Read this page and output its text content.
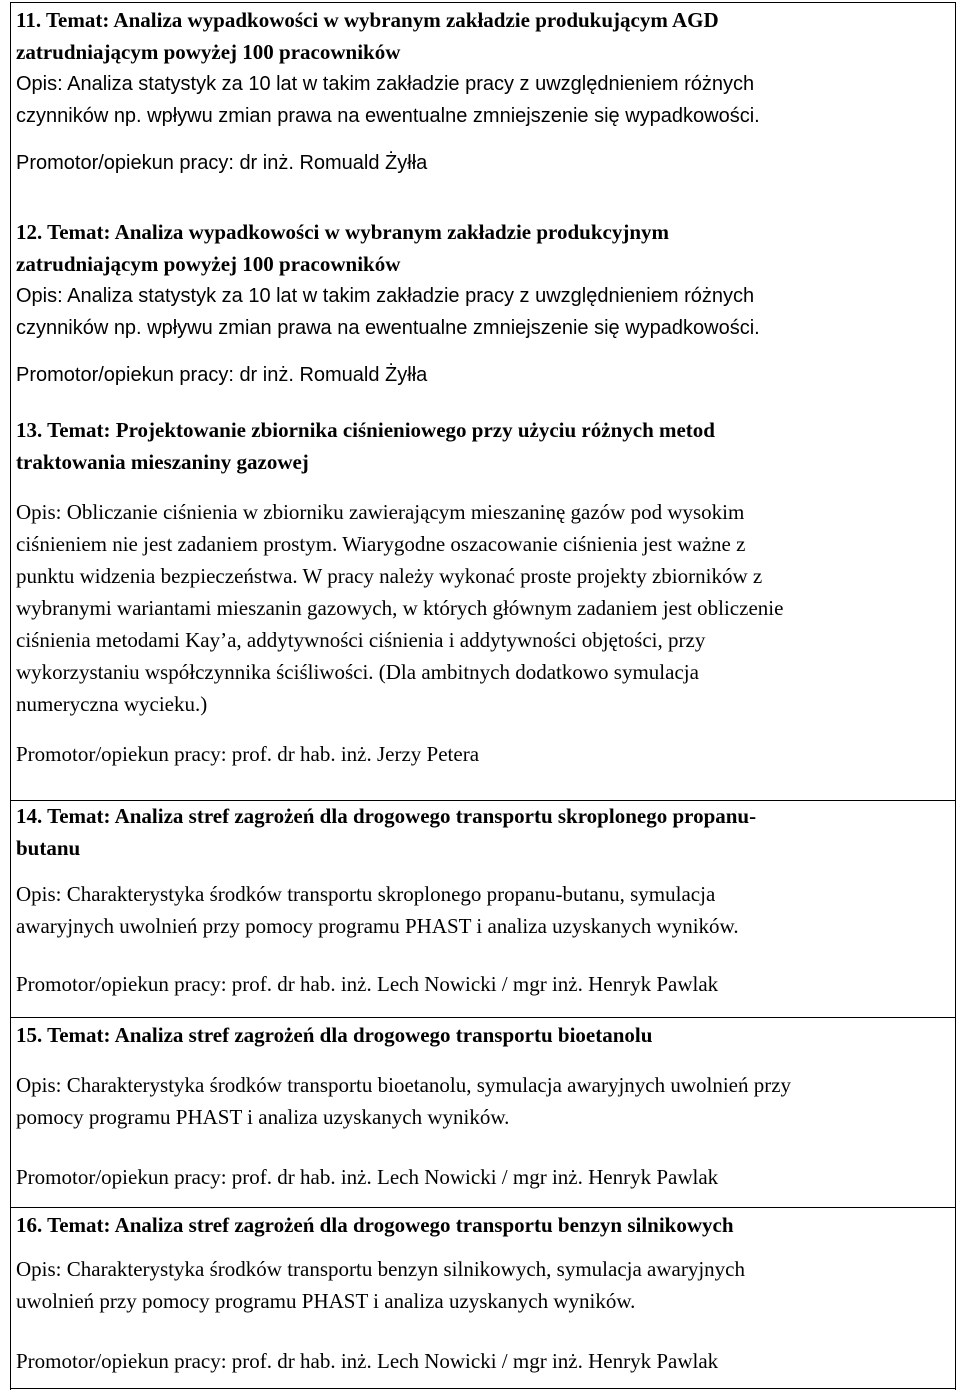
11. Temat: Analiza wypadkowości w wybranym zakładzie produkującym AGD
zatrudniającym powyżej 100 pracowników
Opis: Analiza statystyk za 10 lat w takim zakładzie pracy z uwzględnieniem różnych
czynników np. wpływu zmian prawa na ewentualne zmniejszenie się wypadkowości.
Promotor/opiekun pracy: dr inż. Romuald Żyłła
12. Temat: Analiza wypadkowości w wybranym zakładzie produkcyjnym
zatrudniającym powyżej 100 pracowników
Opis: Analiza statystyk za 10 lat w takim zakładzie pracy z uwzględnieniem różnych
czynników np. wpływu zmian prawa na ewentualne zmniejszenie się wypadkowości.
Promotor/opiekun pracy: dr inż. Romuald Żyłła
13. Temat: Projektowanie zbiornika ciśnieniowego przy użyciu różnych metod
traktowania mieszaniny gazowej
Opis: Obliczanie ciśnienia w zbiorniku zawierającym mieszaninę gazów pod wysokim
ciśnieniem nie jest zadaniem prostym. Wiarygodne oszacowanie ciśnienia jest ważne z
punktu widzenia bezpieczeństwa. W pracy należy wykonać proste projekty zbiorników z
wybranymi wariantami mieszanin gazowych, w których głównym zadaniem jest obliczenie
ciśnienia metodami Kay’a, addytywności ciśnienia i addytywności objętości, przy
wykorzystaniu współczynnika ściśliwości. (Dla ambitnych dodatkowo symulacja
numeryczna wycieku.)
Promotor/opiekun pracy: prof. dr hab. inż. Jerzy Petera
14. Temat: Analiza stref zagrożeń dla drogowego transportu skroplonego propanu-
butanu
Opis: Charakterystyka środków transportu skroplonego propanu-butanu, symulacja
awaryjnych uwolnień przy pomocy programu PHAST i analiza uzyskanych wyników.
Promotor/opiekun pracy: prof. dr hab. inż. Lech Nowicki / mgr inż. Henryk Pawlak
15. Temat: Analiza stref zagrożeń dla drogowego transportu bioetanolu
Opis: Charakterystyka środków transportu bioetanolu, symulacja awaryjnych uwolnień przy
pomocy programu PHAST i analiza uzyskanych wyników.
Promotor/opiekun pracy: prof. dr hab. inż. Lech Nowicki / mgr inż. Henryk Pawlak
16. Temat: Analiza stref zagrożeń dla drogowego transportu benzyn silnikowych
Opis: Charakterystyka środków transportu benzyn silnikowych, symulacja awaryjnych
uwolnień przy pomocy programu PHAST i analiza uzyskanych wyników.
Promotor/opiekun pracy: prof. dr hab. inż. Lech Nowicki / mgr inż. Henryk Pawlak
